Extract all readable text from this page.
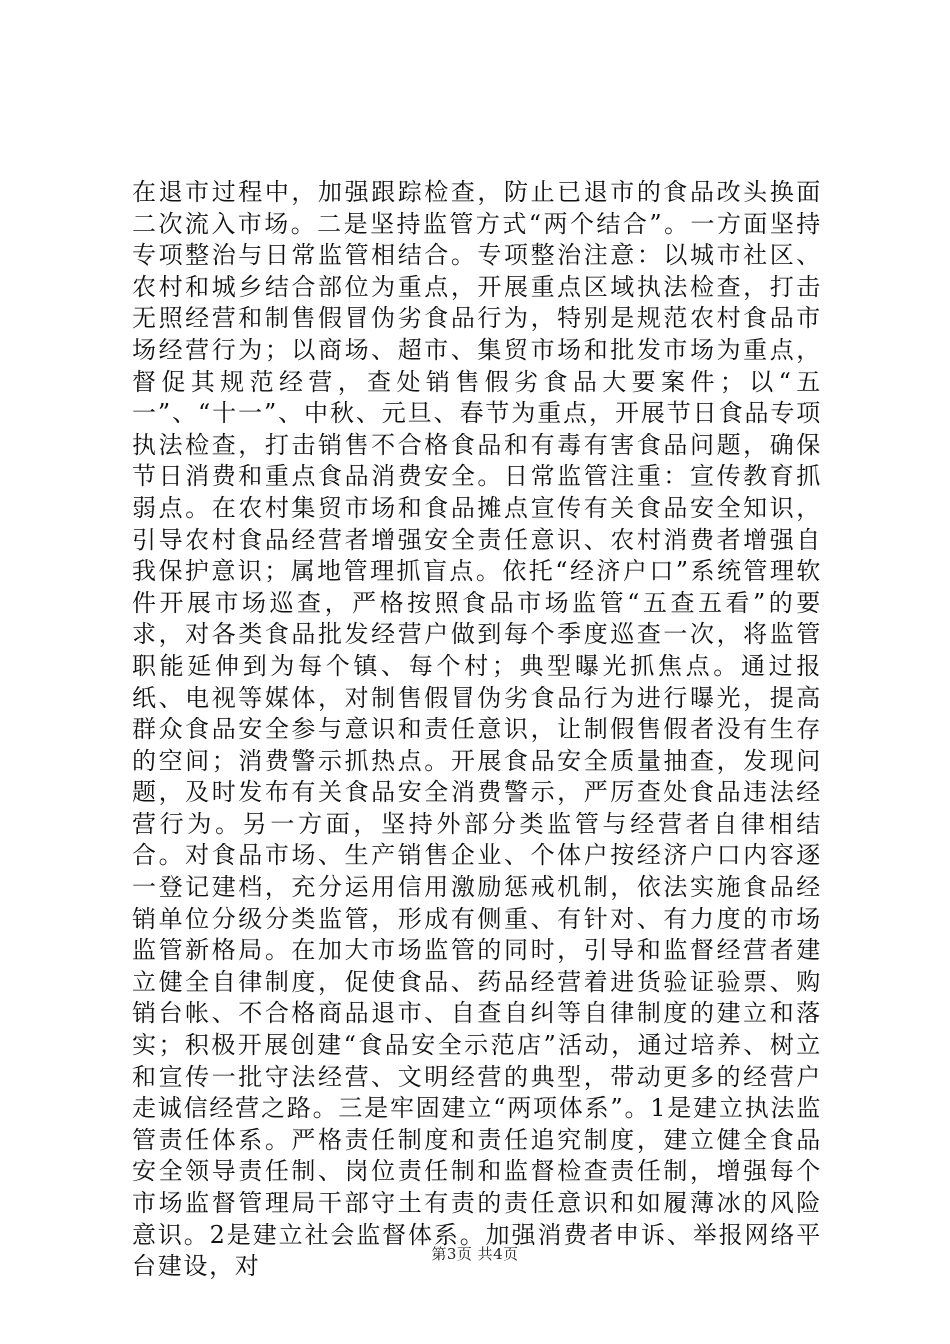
在退市过程中，加强跟踪检查，防止已退市的食品改头换面二次流入市场。二是坚持监管方式“两个结合”。一方面坚持专项整治与日常监管相结合。专项整治注意：以城市社区、农村和城乡结合部位为重点，开展重点区域执法检查，打击无照经营和制售假冒伪劣食品行为，特别是规范农村食品市场经营行为；以商场、超市、集贸市场和批发市场为重点，督促其规范经营，查处销售假劣食品大要案件；以“五一”、“十一”、中秋、元旦、春节为重点，开展节日食品专项执法检查，打击销售不合格食品和有毒有害食品问题，确保节日消费和重点食品消费安全。日常监管注重：宣传教育抓弱点。在农村集贸市场和食品摊点宣传有关食品安全知识，引导农村食品经营者增强安全责任意识、农村消费者增强自我保护意识；属地管理抓盲点。依托“经济户口”系统管理软件开展市场巡查，严格按照食品市场监管“五查五看”的要求，对各类食品批发经营户做到每个季度巡查一次，将监管职能延伸到为每个镇、每个村；典型曝光抓焦点。通过报纸、电视等媒体，对制售假冒伪劣食品行为进行曝光，提高群众食品安全参与意识和责任意识，让制假售假者没有生存的空间；消费警示抓热点。开展食品安全质量抽查，发现问题，及时发布有关食品安全消费警示，严厉查处食品违法经营行为。另一方面，坚持外部分类监管与经营者自律相结合。对食品市场、生产销售企业、个体户按经济户口内容逐一登记建档，充分运用信用激励惩戒机制，依法实施食品经销单位分级分类监管，形成有侧重、有针对、有力度的市场监管新格局。在加大市场监管的同时，引导和监督经营者建立健全自律制度，促使食品、药品经营着进货验证验票、购销台帐、不合格商品退市、自查自纠等自律制度的建立和落实；积极开展创建“食品安全示范店”活动，通过培养、树立和宣传一批守法经营、文明经营的典型，带动更多的经营户走诚信经营之路。三是牢固建立“两项体系”。1是建立执法监管责任体系。严格责任制度和责任追究制度，建立健全食品安全领导责任制、岗位责任制和监督检查责任制，增强每个市场监督管理局干部守土有责的责任意识和如履薄冰的风险意识。2是建立社会监督体系。加强消费者申诉、举报网络平台建设，对	第3页 共4页
